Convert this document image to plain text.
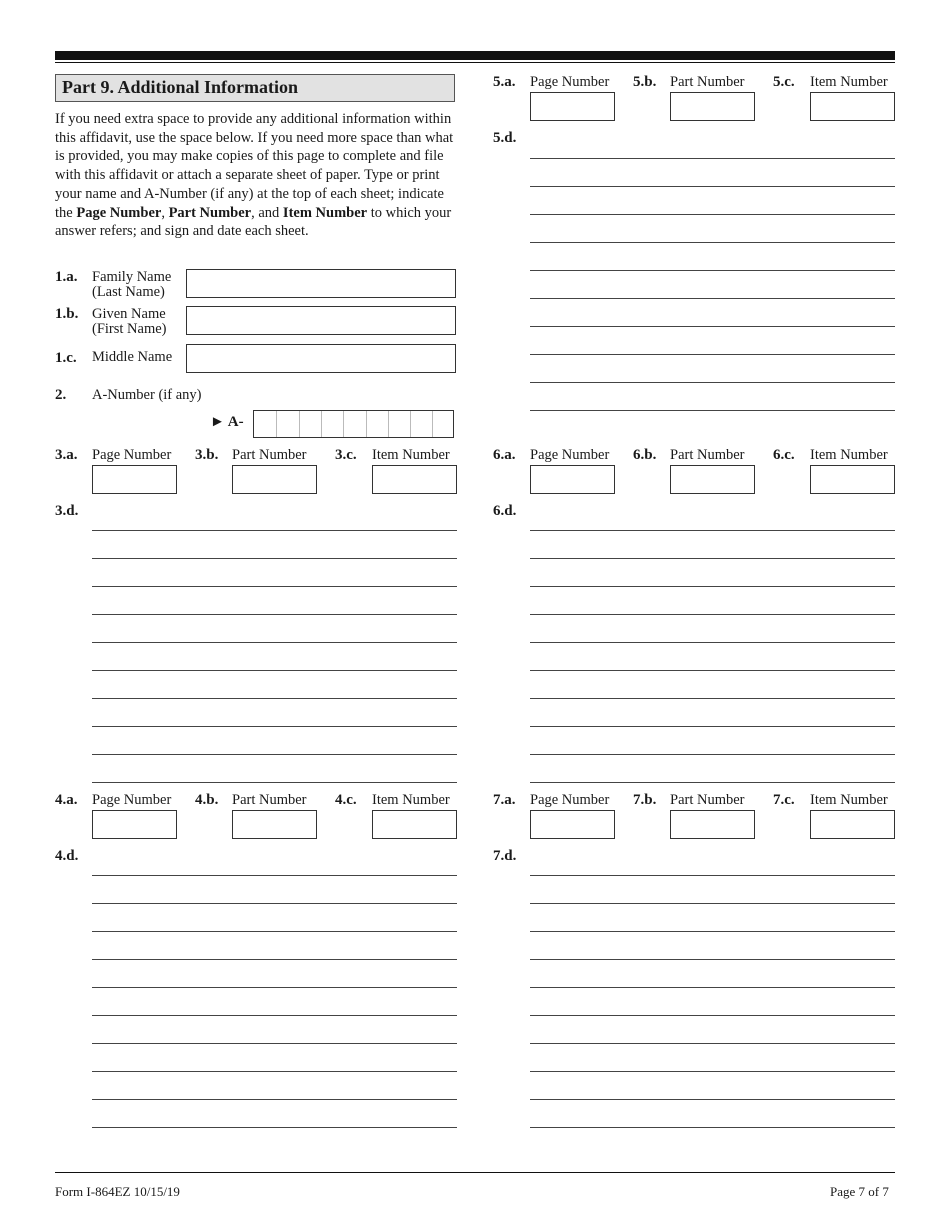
Part 9. Additional Information
If you need extra space to provide any additional information within this affidavit, use the space below. If you need more space than what is provided, you may make copies of this page to complete and file with this affidavit or attach a separate sheet of paper. Type or print your name and A-Number (if any) at the top of each sheet; indicate the Page Number, Part Number, and Item Number to which your answer refers; and sign and date each sheet.
1.a. Family Name
(Last Name)
1.b. Given Name
(First Name)
1.c. Middle Name
2. A-Number (if any)
► A-
3.a. Page Number 3.b. Part Number 3.c. Item Number
3.d.
4.a. Page Number 4.b. Part Number 4.c. Item Number
4.d.
5.a. Page Number 5.b. Part Number 5.c. Item Number
5.d.
6.a. Page Number 6.b. Part Number 6.c. Item Number
6.d.
7.a. Page Number 7.b. Part Number 7.c. Item Number
7.d.
Form I-864EZ 10/15/19	Page 7 of 7
